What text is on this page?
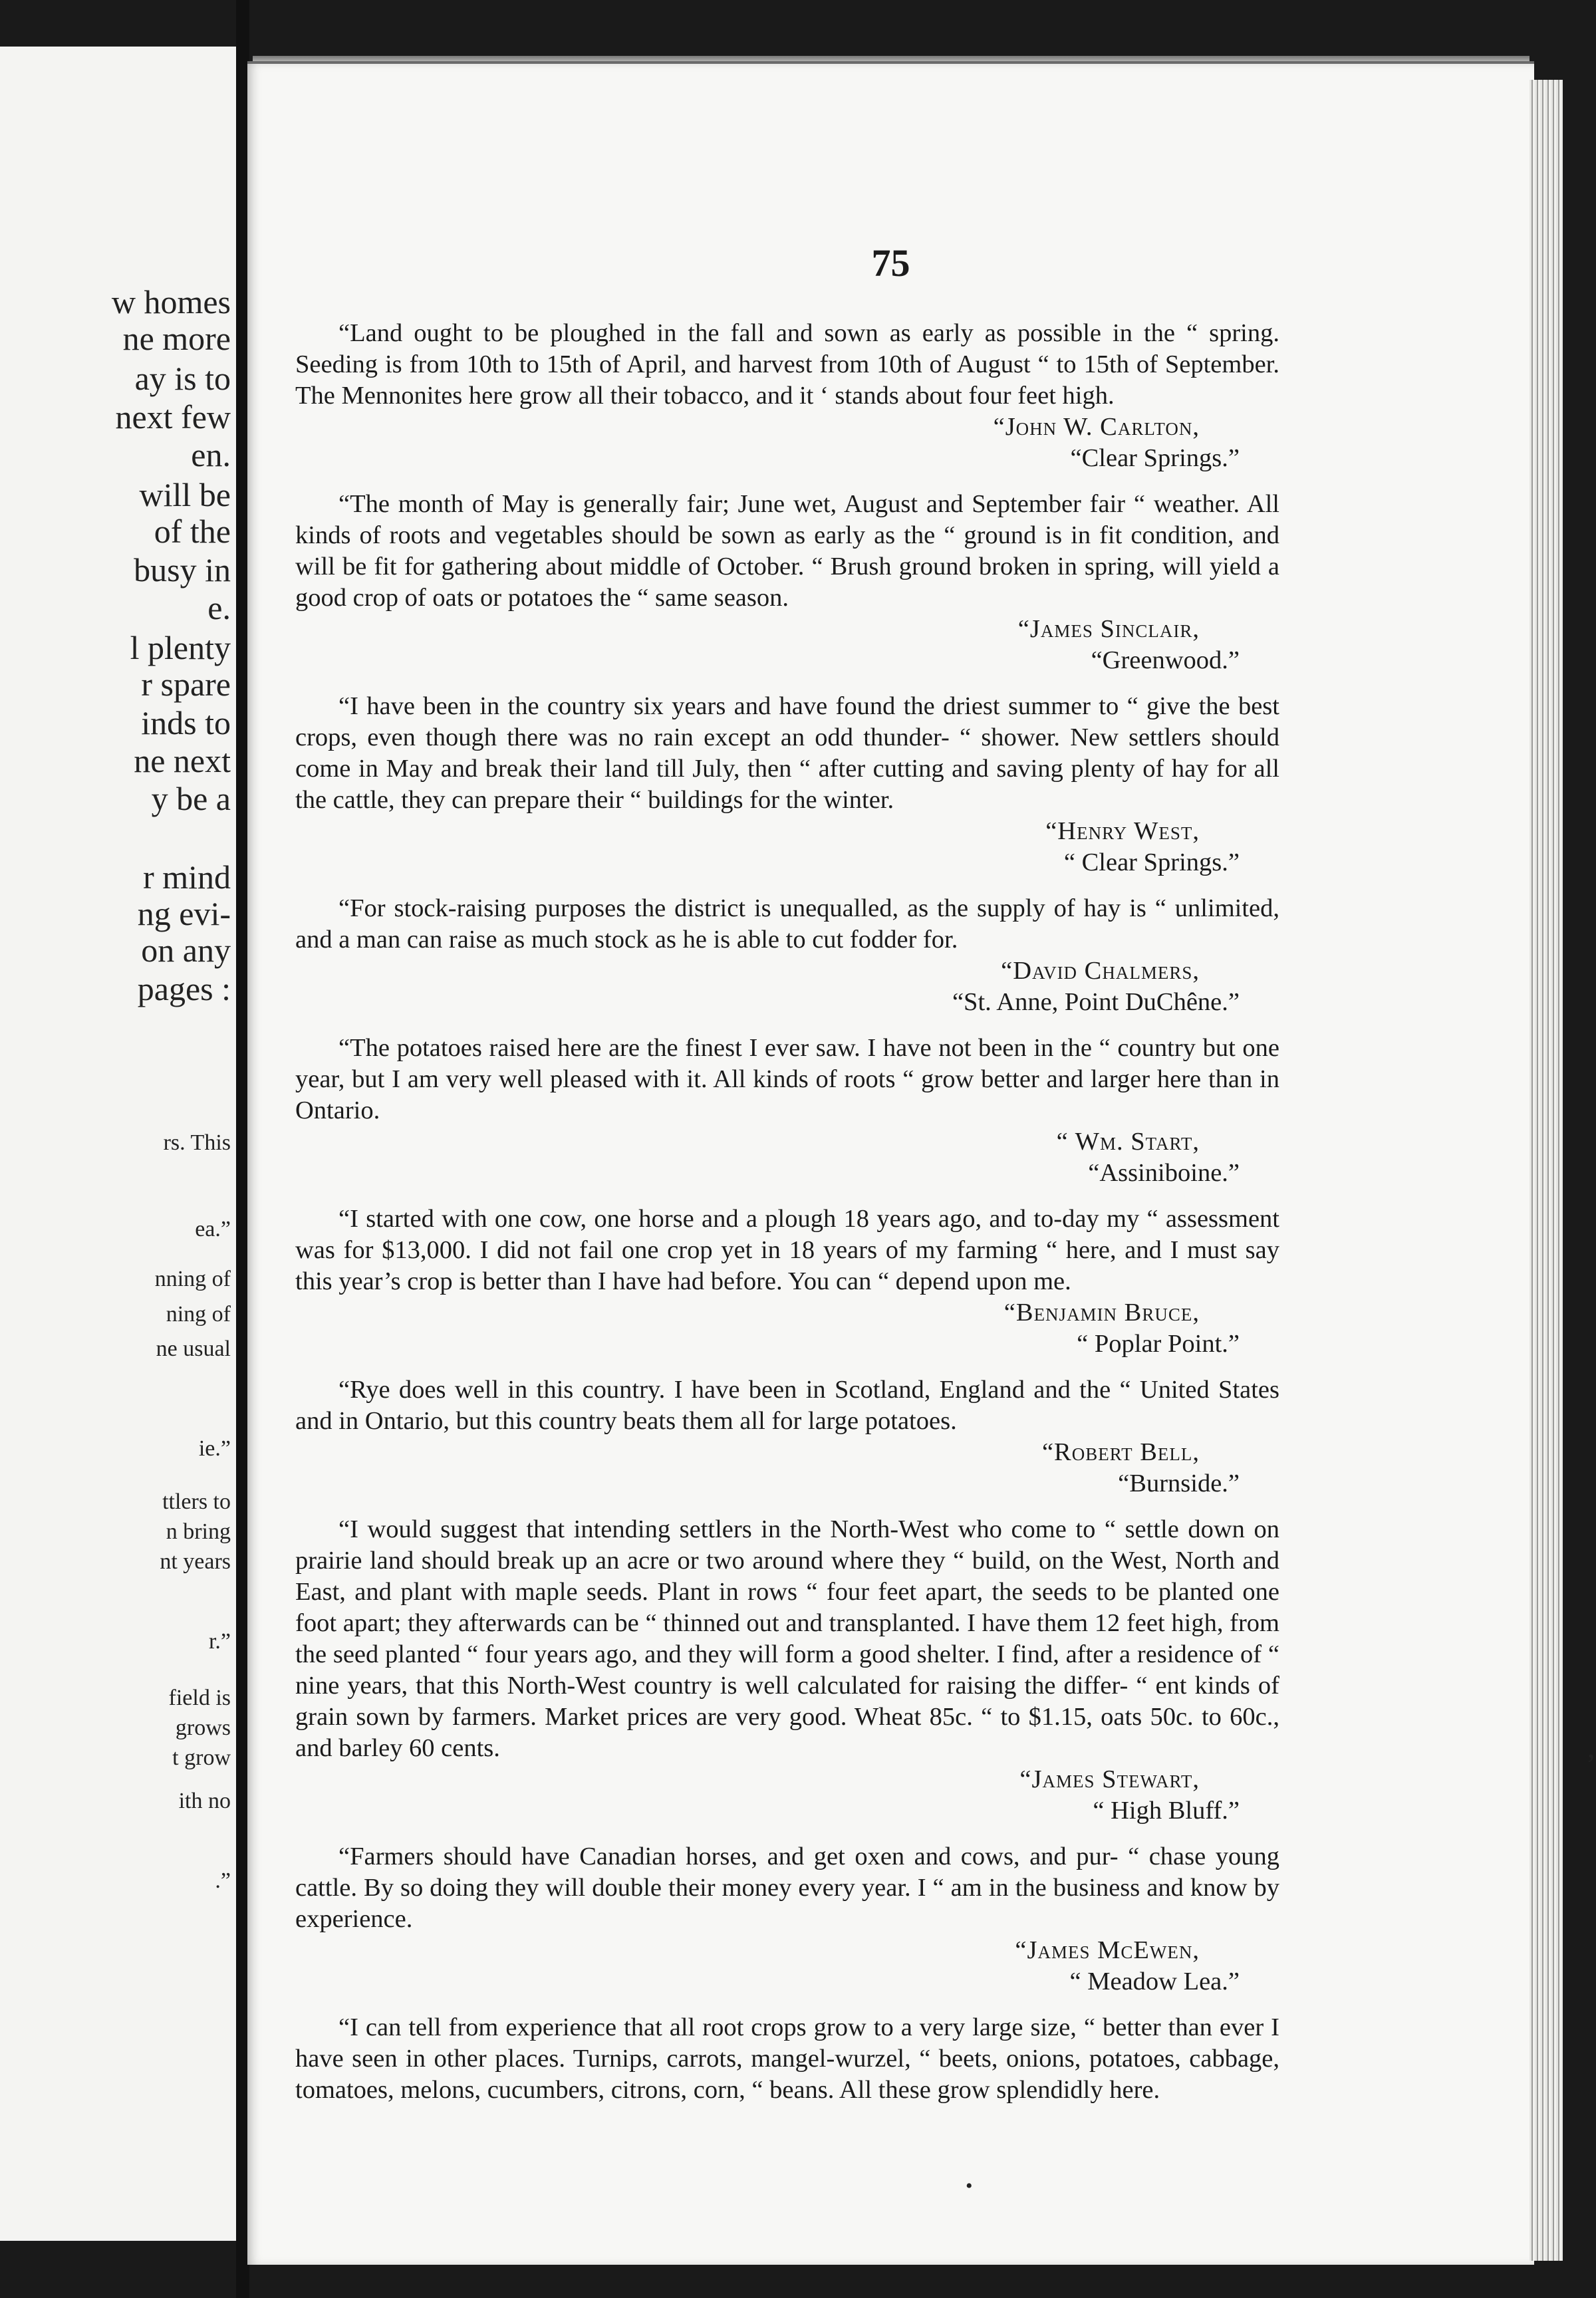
w homes
ne more
ay is to
next few
en.
will be
of the
busy in
e.
l plenty
r spare
inds to
ne next
y be a
r mind
ng evi-
on any
pages :
rs. This
ea.”
nning of
ning of
ne usual
ie.”
ttlers to
n bring
nt years
r.”
field is
grows
t grow
ith no
.”
75

“Land ought to be ploughed in the fall and sown as early as possible in the “ spring. Seeding is from 10th to 15th of April, and harvest from 10th of August “ to 15th of September. The Mennonites here grow all their tobacco, and it ‘ stands about four feet high.

“John W. Carlton,

“Clear Springs.”

“The month of May is generally fair; June wet, August and September fair “ weather. All kinds of roots and vegetables should be sown as early as the “ ground is in fit condition, and will be fit for gathering about middle of October. “ Brush ground broken in spring, will yield a good crop of oats or potatoes the “ same season.

“James Sinclair,

“Greenwood.”

“I have been in the country six years and have found the driest summer to “ give the best crops, even though there was no rain except an odd thunder- “ shower. New settlers should come in May and break their land till July, then “ after cutting and saving plenty of hay for all the cattle, they can prepare their “ buildings for the winter.

“Henry West,

“ Clear Springs.”

“For stock-raising purposes the district is unequalled, as the supply of hay is “ unlimited, and a man can raise as much stock as he is able to cut fodder for.

“David Chalmers,

“St. Anne, Point DuChêne.”

“The potatoes raised here are the finest I ever saw. I have not been in the “ country but one year, but I am very well pleased with it. All kinds of roots “ grow better and larger here than in Ontario.

“ Wm. Start,

“Assiniboine.”

“I started with one cow, one horse and a plough 18 years ago, and to-day my “ assessment was for $13,000. I did not fail one crop yet in 18 years of my farming “ here, and I must say this year’s crop is better than I have had before. You can “ depend upon me.

“Benjamin Bruce,

“ Poplar Point.”

“Rye does well in this country. I have been in Scotland, England and the “ United States and in Ontario, but this country beats them all for large potatoes.

“Robert Bell,

“Burnside.”

“I would suggest that intending settlers in the North-West who come to “ settle down on prairie land should break up an acre or two around where they “ build, on the West, North and East, and plant with maple seeds. Plant in rows “ four feet apart, the seeds to be planted one foot apart; they afterwards can be “ thinned out and transplanted. I have them 12 feet high, from the seed planted “ four years ago, and they will form a good shelter. I find, after a residence of “ nine years, that this North-West country is well calculated for raising the differ- “ ent kinds of grain sown by farmers. Market prices are very good. Wheat 85c. “ to $1.15, oats 50c. to 60c., and barley 60 cents.

“James Stewart,

“ High Bluff.”

“Farmers should have Canadian horses, and get oxen and cows, and pur- “ chase young cattle. By so doing they will double their money every year. I “ am in the business and know by experience.

“James McEwen,

“ Meadow Lea.”

“I can tell from experience that all root crops grow to a very large size, “ better than ever I have seen in other places. Turnips, carrots, mangel-wurzel, “ beets, onions, potatoes, cabbage, tomatoes, melons, cucumbers, citrons, corn, “ beans. All these grow splendidly here.

,
•
